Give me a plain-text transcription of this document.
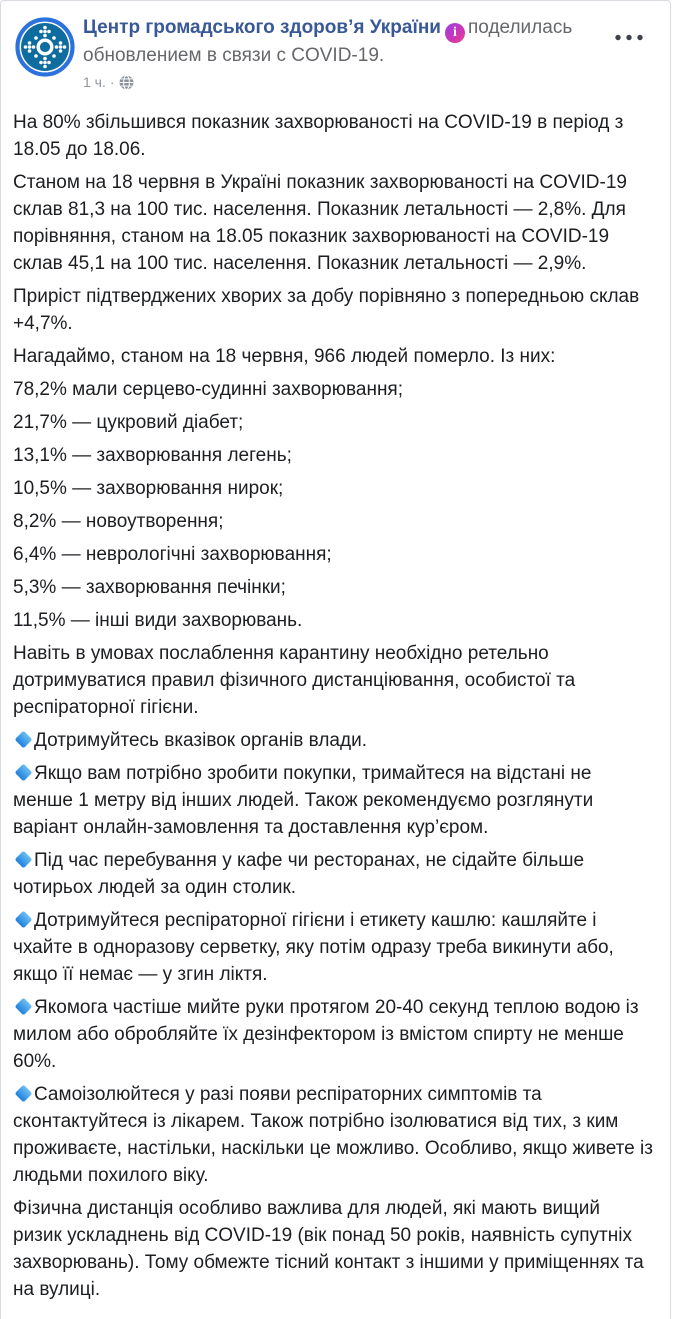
Центр громадського здоров’я України i поделилась обновлением в связи с COVID-19.
1 ч. ·

На 80% збільшився показник захворюваності на COVID-19 в період з 18.05 до 18.06.

Станом на 18 червня в Україні показник захворюваності на COVID-19 склав 81,3 на 100 тис. населення. Показник летальності — 2,8%. Для порівняння, станом на 18.05 показник захворюваності на COVID-19 склав 45,1 на 100 тис. населення. Показник летальності — 2,9%.

Приріст підтверджених хворих за добу порівняно з попередньою склав +4,7%.

Нагадаймо, станом на 18 червня, 966 людей померло. Із них:

78,2% мали серцево-судинні захворювання;

21,7% — цукровий діабет;

13,1% — захворювання легень;

10,5% — захворювання нирок;

8,2% — новоутворення;

6,4% — неврологічні захворювання;

5,3% — захворювання печінки;

11,5% — інші види захворювань.

Навіть в умовах послаблення карантину необхідно ретельно дотримуватися правил фізичного дистанціювання, особистої та респіраторної гігієни.

Дотримуйтесь вказівок органів влади.

Якщо вам потрібно зробити покупки, тримайтеся на відстані не менше 1 метру від інших людей. Також рекомендуємо розглянути варіант онлайн-замовлення та доставлення кур’єром.

Під час перебування у кафе чи ресторанах, не сідайте більше чотирьох людей за один столик.

Дотримуйтеся респіраторної гігієни і етикету кашлю: кашляйте і чхайте в одноразову серветку, яку потім одразу треба викинути або, якщо її немає — у згин ліктя.

Якомога частіше мийте руки протягом 20-40 секунд теплою водою із милом або обробляйте їх дезінфектором із вмістом спирту не менше 60%.

Самоізолюйтеся у разі появи респіраторних симптомів та сконтактуйтеся із лікарем. Також потрібно ізолюватися від тих, з ким проживаєте, настільки, наскільки це можливо. Особливо, якщо живете із людьми похилого віку.

Фізична дистанція особливо важлива для людей, які мають вищий ризик ускладнень від COVID-19 (вік понад 50 років, наявність супутніх захворювань). Тому обмежте тісний контакт з іншими у приміщеннях та на вулиці.
